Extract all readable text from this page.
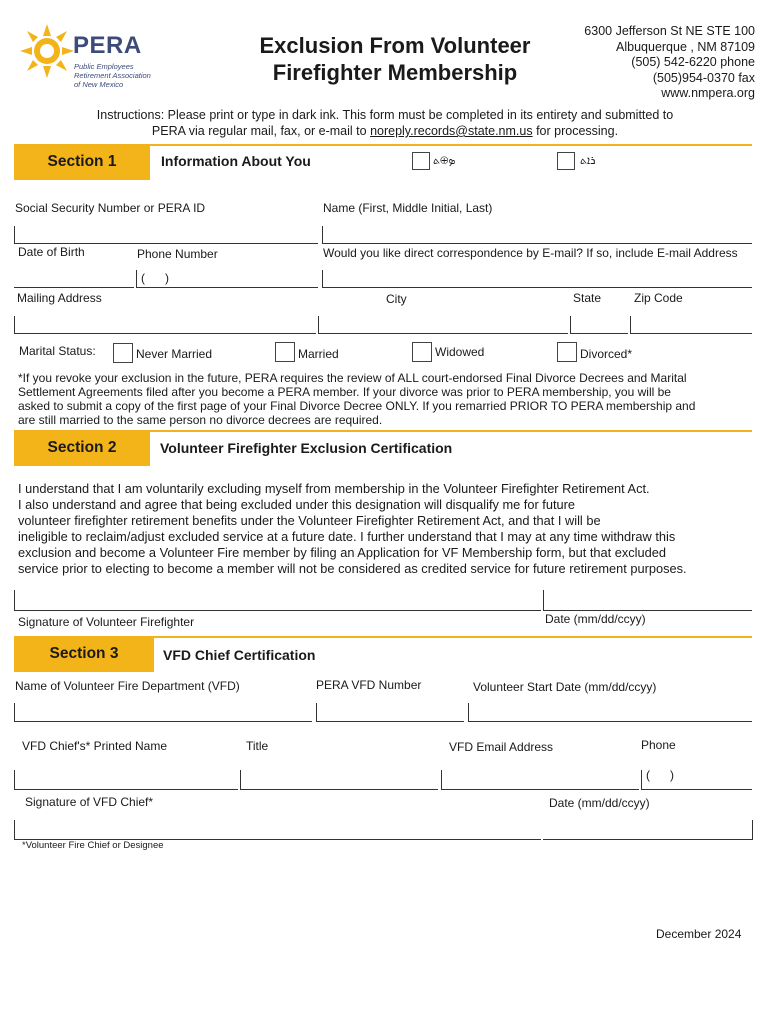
PERA
Public Employees
Retirement Association
of New Mexico
Exclusion From Volunteer
Firefighter Membership
6300 Jefferson St NE STE 100
Albuquerque , NM 87109
(505) 542-6220 phone
(505)954-0370 fax
www.nmpera.org
Instructions: Please print or type in dark ink. This form must be completed in its entirety and submitted to
PERA via regular mail, fax, or e-mail to noreply.records@state.nm.us for processing.
Section 1	Information About You	ܤ⊕ܬ	ܪܐܬ
Social Security Number or PERA ID	Name (First, Middle Initial, Last)
Date of Birth	Phone Number	Would you like direct correspondence by E-mail? If so, include E-mail Address
(      )
Mailing Address	City	State	Zip Code
Marital Status:	Never Married	Married	Widowed	Divorced*
*If you revoke your exclusion in the future, PERA requires the review of ALL court-endorsed Final Divorce Decrees and Marital
Settlement Agreements filed after you become a PERA member. If your divorce was prior to PERA membership, you will be
asked to submit a copy of the first page of your Final Divorce Decree ONLY. If you remarried PRIOR TO PERA membership and
are still married to the same person no divorce decrees are required.
Section 2	Volunteer Firefighter Exclusion Certification
I understand that I am voluntarily excluding myself from membership in the Volunteer Firefighter Retirement Act.
I also understand and agree that being excluded under this designation will disqualify me for future
volunteer firefighter retirement benefits under the Volunteer Firefighter Retirement Act, and that I will be
ineligible to reclaim/adjust excluded service at a future date. I further understand that I may at any time withdraw this
exclusion and become a Volunteer Fire member by filing an Application for VF Membership form, but that excluded
service prior to electing to become a member will not be considered as credited service for future retirement purposes.
Signature of Volunteer Firefighter	Date (mm/dd/ccyy)
Section 3	VFD Chief Certification
Name of Volunteer Fire Department (VFD)	PERA VFD Number	Volunteer Start Date (mm/dd/ccyy)
VFD Chief's* Printed Name	Title	VFD Email Address	Phone
(      )
Signature of VFD Chief*	Date (mm/dd/ccyy)
*Volunteer Fire Chief or Designee
December 2024
